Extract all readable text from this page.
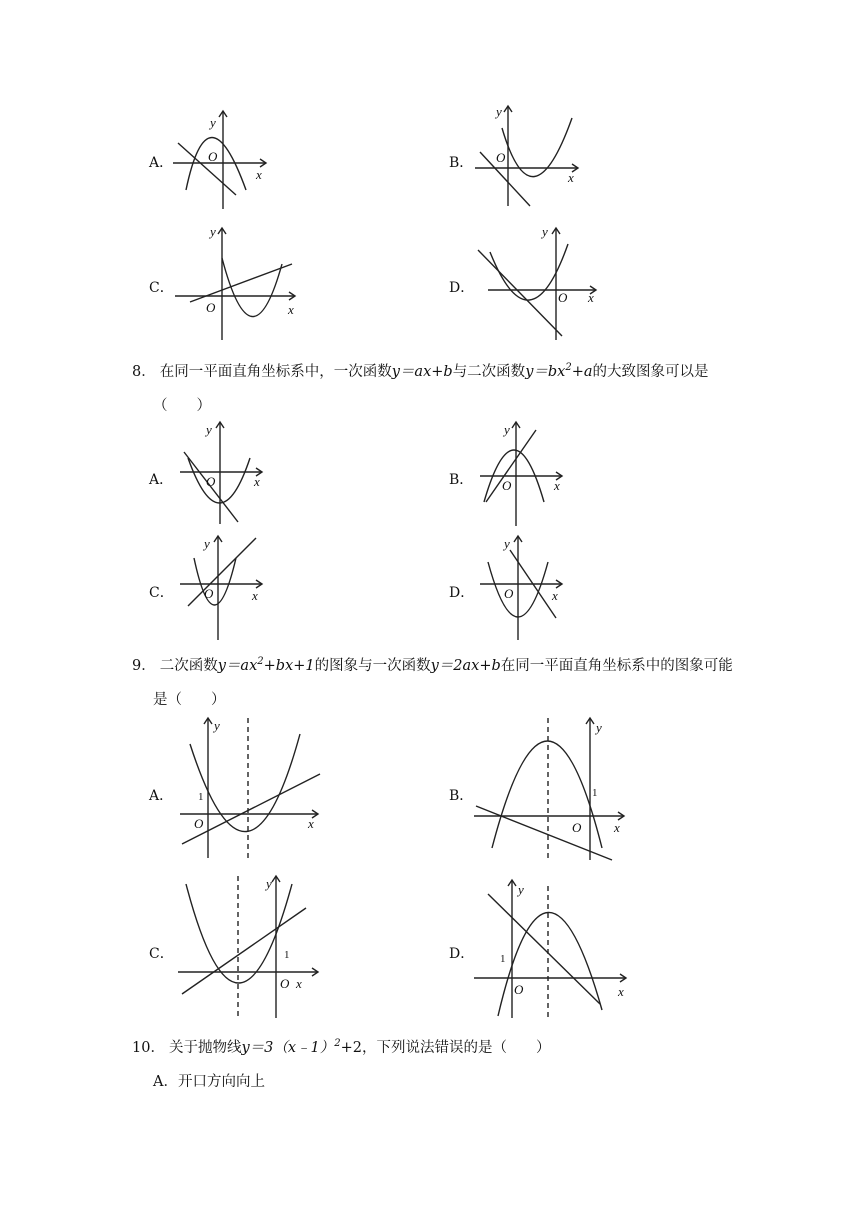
A．
y
x
O	B．
y
x
O
C．
y
x
O
D．
y
x
O
8． 在同一平面直角坐标系中，一次函数y＝ax+b与二次函数$y=bx^2+a$的大致图象可以是
（　　）
A．
y
x
O	B．
y
x
O
C．
y
x
O	D．
y
x
O
9． 二次函数$y=ax^2+bx+1$的图象与一次函数y＝2ax+b在同一平面直角坐标系中的图象可能
是（　　）
A．
y
x
O
1	B．
y
x
O
1
C．
y
x
O
1	D．
y
x
O
1
10． 关于抛物线y＝3（x﹣1）$^2$+2，下列说法错误的是（　　）
A．开口方向向上
